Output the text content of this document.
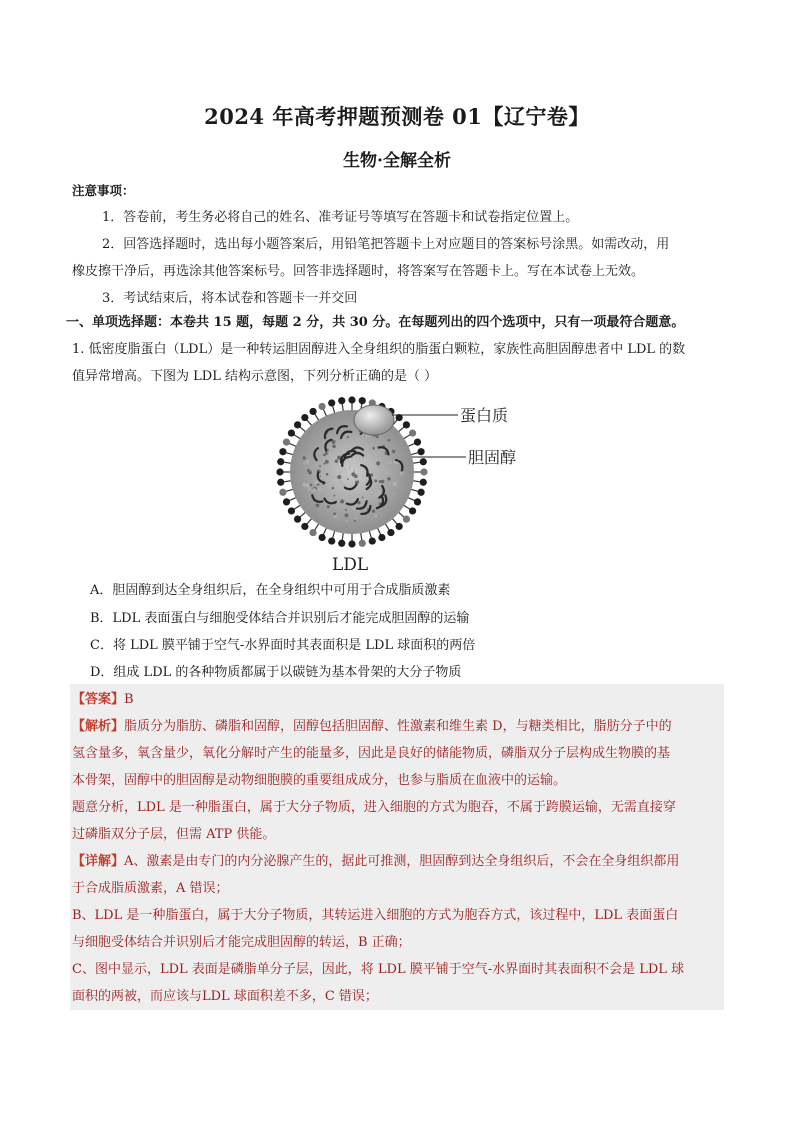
2024 年高考押题预测卷 01【辽宁卷】
生物·全解全析
注意事项：
1．答卷前，考生务必将自己的姓名、准考证号等填写在答题卡和试卷指定位置上。
2．回答选择题时，选出每小题答案后，用铅笔把答题卡上对应题目的答案标号涂黑。如需改动，用
橡皮擦干净后，再选涂其他答案标号。回答非选择题时，将答案写在答题卡上。写在本试卷上无效。
3．考试结束后，将本试卷和答题卡一并交回
一、单项选择题：本卷共 15 题，每题 2 分，共 30 分。在每题列出的四个选项中，只有一项最符合题意。
1. 低密度脂蛋白（LDL）是一种转运胆固醇进入全身组织的脂蛋白颗粒，家族性高胆固醇患者中 LDL 的数
值异常增高。下图为 LDL 结构示意图，下列分析正确的是（ ）
蛋白质
胆固醇
LDL
A．胆固醇到达全身组织后，在全身组织中可用于合成脂质激素
B．LDL 表面蛋白与细胞受体结合并识别后才能完成胆固醇的运输
C．将 LDL 膜平铺于空气-水界面时其表面积是 LDL 球面积的两倍
D．组成 LDL 的各种物质都属于以碳链为基本骨架的大分子物质
【答案】B
【解析】脂质分为脂肪、磷脂和固醇，固醇包括胆固醇、性激素和维生素 D，与糖类相比，脂肪分子中的
氢含量多，氧含量少，氧化分解时产生的能量多，因此是良好的储能物质，磷脂双分子层构成生物膜的基
本骨架，固醇中的胆固醇是动物细胞膜的重要组成成分，也参与脂质在血液中的运输。
题意分析，LDL 是一种脂蛋白，属于大分子物质，进入细胞的方式为胞吞，不属于跨膜运输，无需直接穿
过磷脂双分子层，但需 ATP 供能。
【详解】A、激素是由专门的内分泌腺产生的，据此可推测，胆固醇到达全身组织后，不会在全身组织都用
于合成脂质激素，A 错误；
B、LDL 是一种脂蛋白，属于大分子物质，其转运进入细胞的方式为胞吞方式，该过程中，LDL 表面蛋白
与细胞受体结合并识别后才能完成胆固醇的转运，B 正确；
C、图中显示，LDL 表面是磷脂单分子层，因此，将 LDL 膜平铺于空气-水界面时其表面积不会是 LDL 球
面积的两被，而应该与LDL 球面积差不多，C 错误；
